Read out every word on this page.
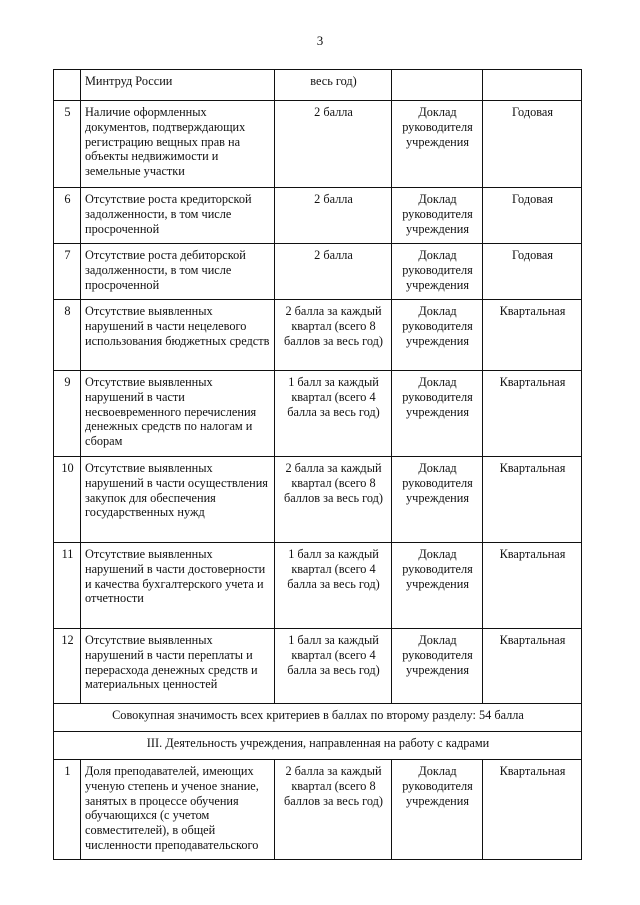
3
	Минтруд России	весь год)		
5	Наличие оформленных документов, подтверждающих регистрацию вещных прав на объекты недвижимости и земельные участки	2 балла	Доклад руководителя учреждения	Годовая
6	Отсутствие роста кредиторской задолженности, в том числе просроченной	2 балла	Доклад руководителя учреждения	Годовая
7	Отсутствие роста дебиторской задолженности, в том числе просроченной	2 балла	Доклад руководителя учреждения	Годовая
8	Отсутствие выявленных нарушений в части нецелевого использования бюджетных средств	2 балла за каждый квартал (всего 8 баллов за весь год)	Доклад руководителя учреждения	Квартальная
9	Отсутствие выявленных нарушений в части несвоевременного перечисления денежных средств по налогам и сборам	1 балл за каждый квартал (всего 4 балла за весь год)	Доклад руководителя учреждения	Квартальная
10	Отсутствие выявленных нарушений в части осуществления закупок для обеспечения государственных нужд	2 балла за каждый квартал (всего 8 баллов за весь год)	Доклад руководителя учреждения	Квартальная
11	Отсутствие выявленных нарушений в части достоверности и качества бухгалтерского учета и отчетности	1 балл за каждый квартал (всего 4 балла за весь год)	Доклад руководителя учреждения	Квартальная
12	Отсутствие выявленных нарушений в части переплаты и перерасхода денежных средств и материальных ценностей	1 балл за каждый квартал (всего 4 балла за весь год)	Доклад руководителя учреждения	Квартальная
Совокупная значимость всех критериев в баллах по второму разделу: 54 балла				
III. Деятельность учреждения, направленная на работу с кадрами				
1	Доля преподавателей, имеющих ученую степень и ученое знание, занятых в процессе обучения обучающихся (с учетом совместителей), в общей численности преподавательского	2 балла за каждый квартал (всего 8 баллов за весь год)	Доклад руководителя учреждения	Квартальная
